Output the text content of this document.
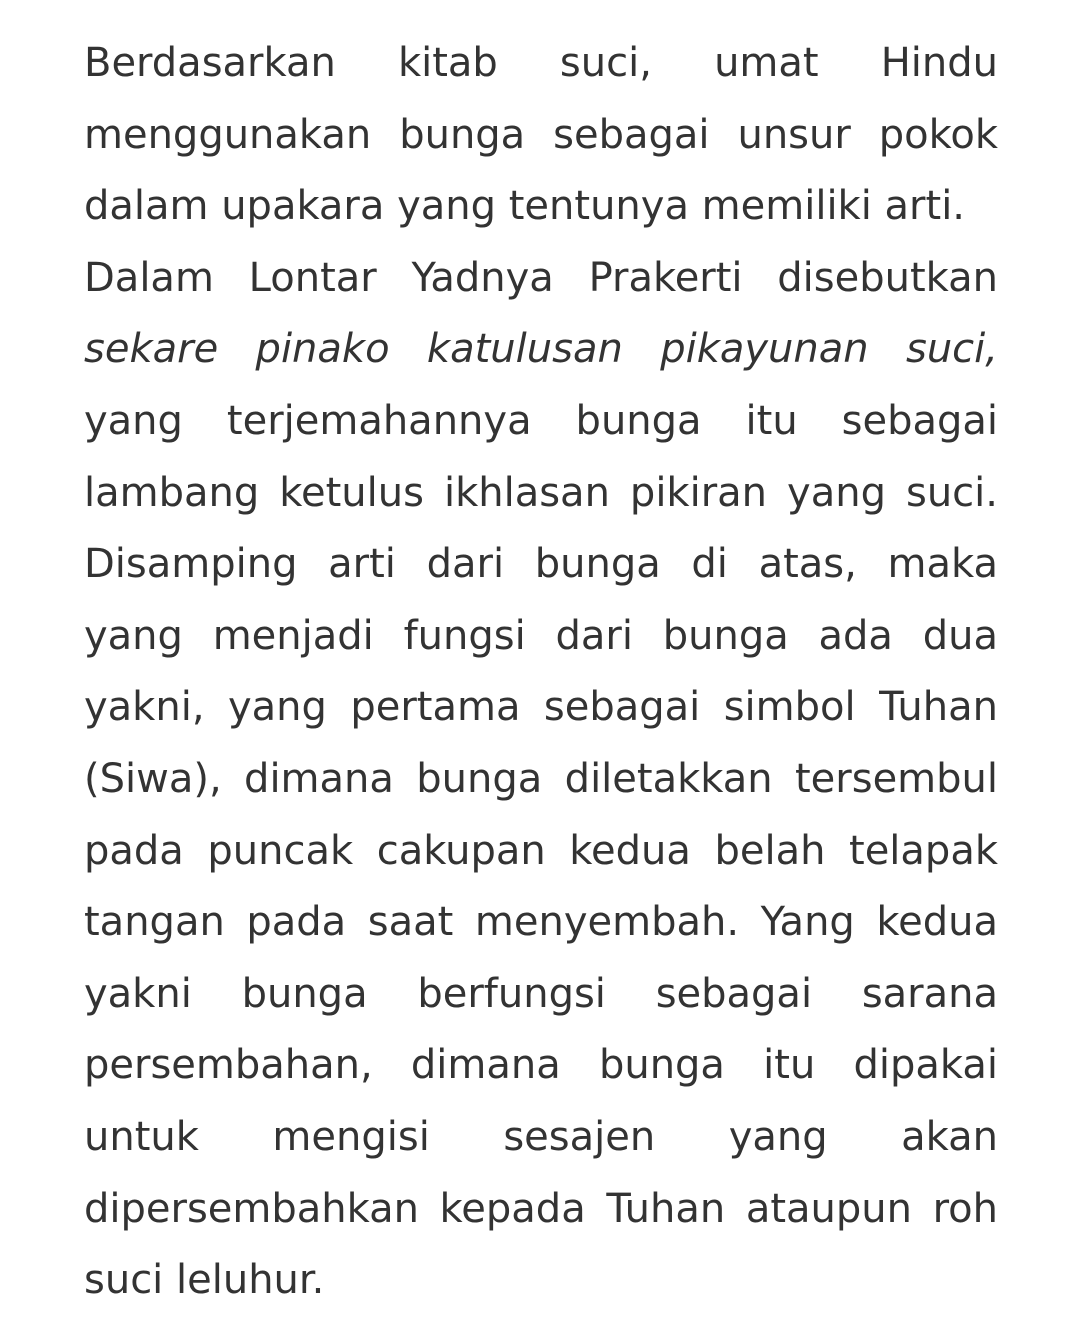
Berdasarkan kitab suci, umat Hindu menggunakan bunga sebagai unsur pokok dalam upakara yang tentunya memiliki arti.

Dalam Lontar Yadnya Prakerti disebutkan sekare pinako katulusan pikayunan suci, yang terjemahannya bunga itu sebagai lambang ketulus ikhlasan pikiran yang suci. Disamping arti dari bunga di atas, maka yang menjadi fungsi dari bunga ada dua yakni, yang pertama sebagai simbol Tuhan (Siwa), dimana bunga diletakkan tersembul pada puncak cakupan kedua belah telapak tangan pada saat menyembah. Yang kedua yakni bunga berfungsi sebagai sarana persembahan, dimana bunga itu dipakai untuk mengisi sesajen yang akan dipersembahkan kepada Tuhan ataupun roh suci leluhur.
